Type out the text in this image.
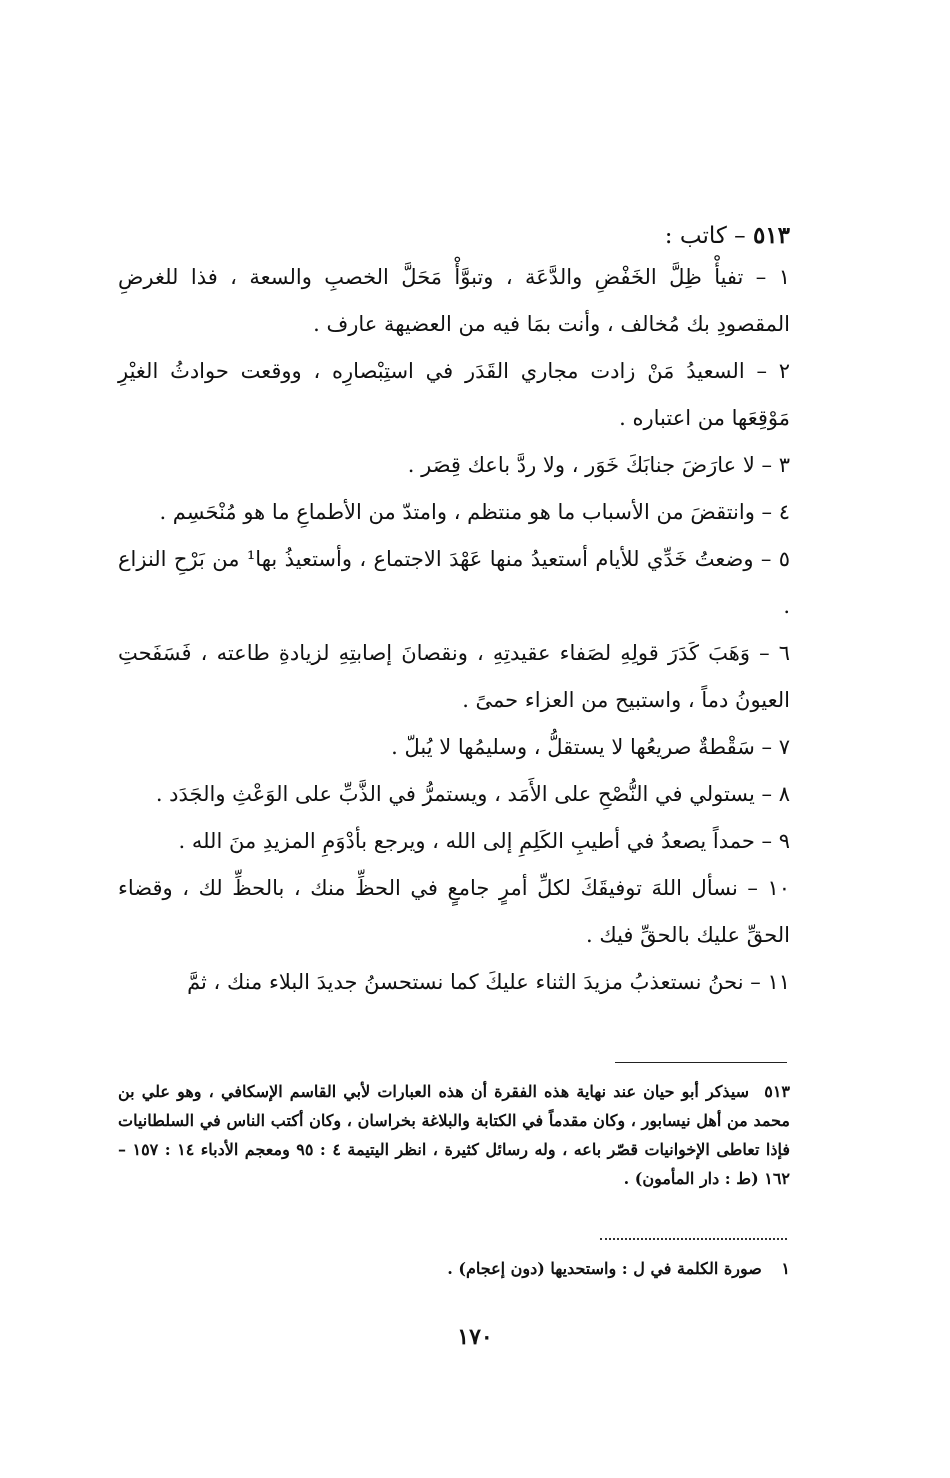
٥١٣ – كاتب :

١ – تفيأْ ظِلَّ الخَفْضِ والدَّعَة ، وتبوَّأْ مَحَلَّ الخصبِ والسعة ، فذا للغرضِ المقصودِ بك مُخالف ، وأنت بمَا فيه من العضيهة عارف .

٢ – السعيدُ مَنْ زادت مجاري القَدَر في استِبْصارِه ، ووقعت حوادثُ الغيْرِ مَوْقِعَها من اعتباره .

٣ – لا عارَضَ جنابَكَ خَوَر ، ولا ردَّ باعك قِصَر .

٤ – وانتقضَ من الأسباب ما هو منتظم ، وامتدّ من الأطماعِ ما هو مُنْحَسِم .

٥ – وضعتُ خَدِّي للأيام أستعيدُ منها عَهْدَ الاجتماع ، وأستعيذُ بها¹ من بَرْحِ النزاع .

٦ – وَهَبَ كَدَرَ قولِهِ لصَفاء عقيدتِهِ ، ونقصانَ إصابتِهِ لزيادةِ طاعته ، فَسَفَحتِ العيونُ دماً ، واستبيح من العزاء حمىً .

٧ – سَقْطةٌ صريعُها لا يستقلُّ ، وسليمُها لا يُبلّ .

٨ – يستولي في النُّصْحِ على الأَمَد ، ويستمرُّ في الذَّبِّ على الوَعْثِ والجَدَد .

٩ – حمداً يصعدُ في أطيبِ الكَلِمِ إلى الله ، ويرجع بأدْوَمِ المزيدِ منَ الله .

١٠ – نسأل اللهَ توفيقَكَ لكلِّ أمرٍ جامعٍ في الحظِّ منك ، بالحظِّ لك ، وقضاء الحقِّ عليك بالحقِّ فيك .

١١ – نحنُ نستعذبُ مزيدَ الثناء عليكَ كما نستحسنُ جديدَ البلاء منك ، ثمَّ

٥١٣ سيذكر أبو حيان عند نهاية هذه الفقرة أن هذه العبارات لأبي القاسم الإسكافي ، وهو علي بن محمد من أهل نيسابور ، وكان مقدماً في الكتابة والبلاغة بخراسان ، وكان أكتب الناس في السلطانيات فإذا تعاطى الإخوانيات قصّر باعه ، وله رسائل كثيرة ، انظر اليتيمة ٤ : ٩٥ ومعجم الأدباء ١٤ : ١٥٧ – ١٦٢ (ط : دار المأمون) .
١ صورة الكلمة في ل : واستحديها (دون إعجام) .
١٧٠
